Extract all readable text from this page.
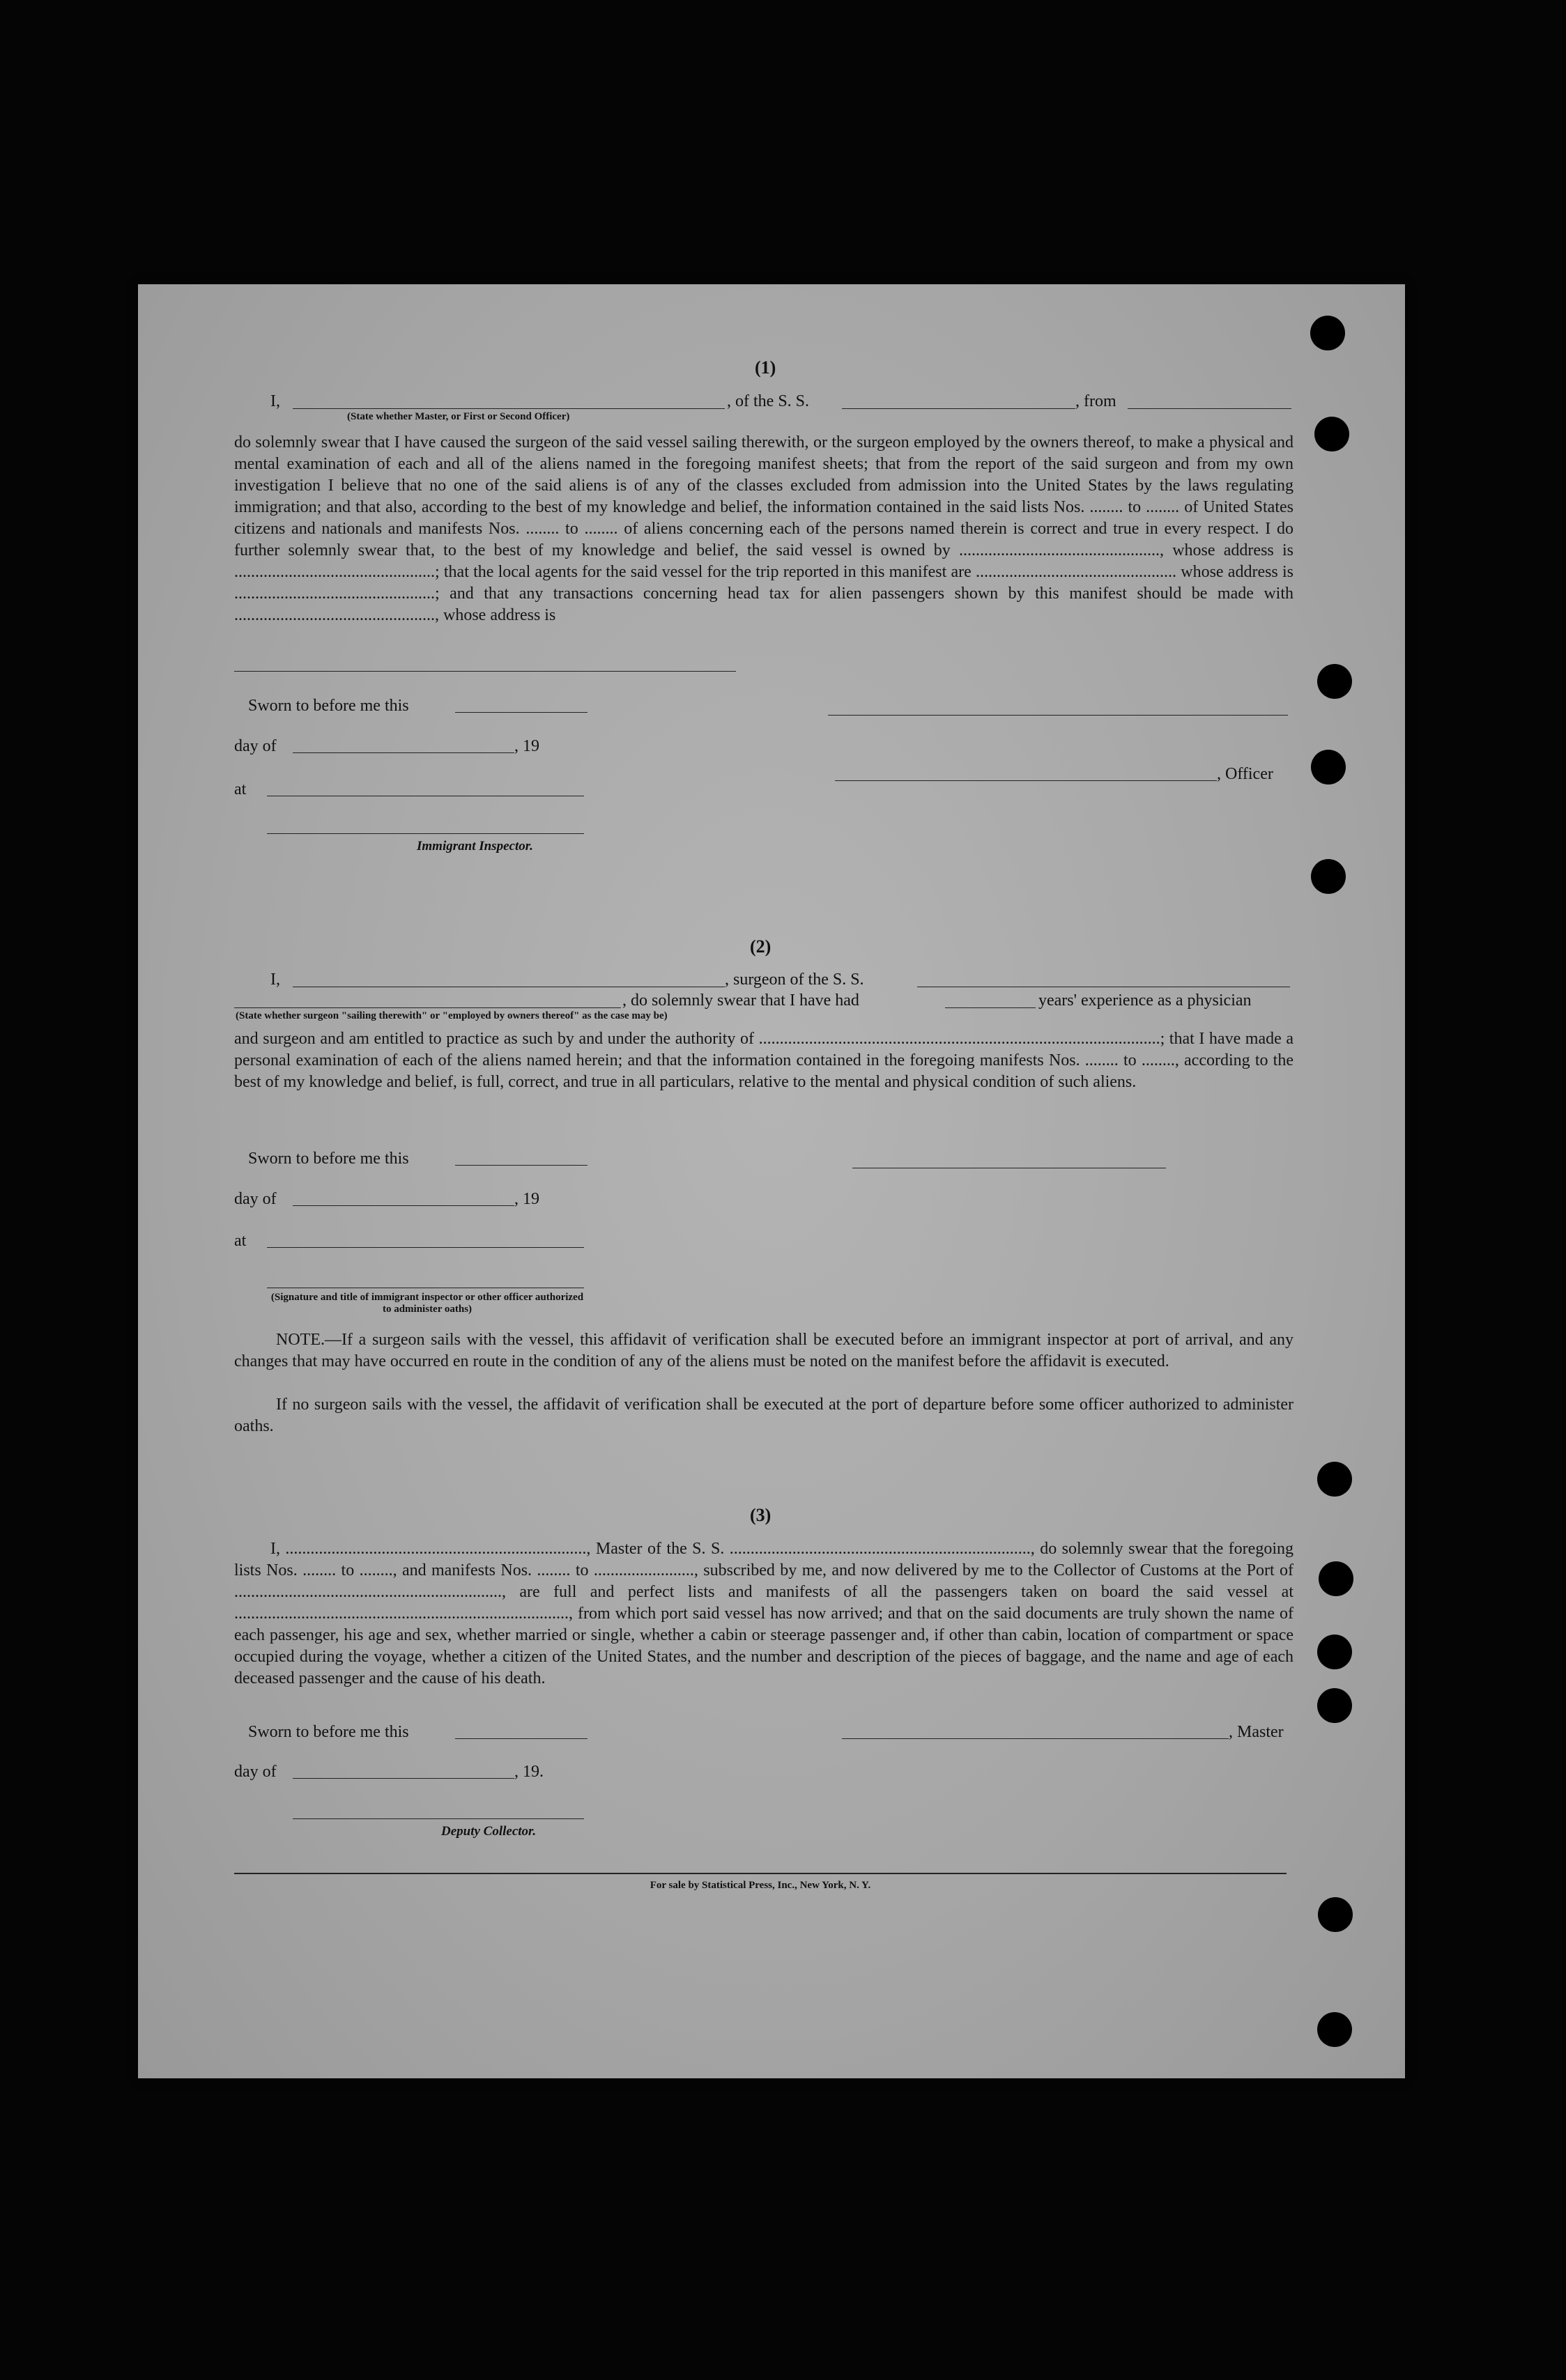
(1)
I,
(State whether Master, or First or Second Officer)
, of the S. S.	, from
do solemnly swear that I have caused the surgeon of the said vessel sailing therewith, or the surgeon employed by the owners thereof, to make a physical and mental examination of each and all of the aliens named in the foregoing manifest sheets; that from the report of the said surgeon and from my own investigation I believe that no one of the said aliens is of any of the classes excluded from admission into the United States by the laws regulating immigration; and that also, according to the best of my knowledge and belief, the information contained in the said lists Nos. ........ to ........ of United States citizens and nationals and manifests Nos. ........ to ........ of aliens concerning each of the persons named therein is correct and true in every respect. I do further solemnly swear that, to the best of my knowledge and belief, the said vessel is owned by ................................................, whose address is ................................................; that the local agents for the said vessel for the trip reported in this manifest are ................................................ whose address is ................................................; and that any transactions concerning head tax for alien passengers shown by this manifest should be made with ................................................, whose address is
Sworn to before me this
day of	, 19
at
, Officer
Immigrant Inspector.
(2)
I,	, surgeon of the S. S.
, do solemnly swear that I have had	years' experience as a physician
(State whether surgeon "sailing therewith" or "employed by owners thereof" as the case may be)
and surgeon and am entitled to practice as such by and under the authority of ................................................................................................; that I have made a personal examination of each of the aliens named herein; and that the information contained in the foregoing manifests Nos. ........ to ........, according to the best of my knowledge and belief, is full, correct, and true in all particulars, relative to the mental and physical condition of such aliens.
Sworn to before me this
day of	, 19
at
(Signature and title of immigrant inspector or other officer authorized to administer oaths)
NOTE.—If a surgeon sails with the vessel, this affidavit of verification shall be executed before an immigrant inspector at port of arrival, and any changes that may have occurred en route in the condition of any of the aliens must be noted on the manifest before the affidavit is executed.
If no surgeon sails with the vessel, the affidavit of verification shall be executed at the port of departure before some officer authorized to administer oaths.
(3)
I, ........................................................................, Master of the S. S. ........................................................................, do solemnly swear that the foregoing lists Nos. ........ to ........, and manifests Nos. ........ to ........................, subscribed by me, and now delivered by me to the Collector of Customs at the Port of ................................................................, are full and perfect lists and manifests of all the passengers taken on board the said vessel at ................................................................................, from which port said vessel has now arrived; and that on the said documents are truly shown the name of each passenger, his age and sex, whether married or single, whether a cabin or steerage passenger and, if other than cabin, location of compartment or space occupied during the voyage, whether a citizen of the United States, and the number and description of the pieces of baggage, and the name and age of each deceased passenger and the cause of his death.
Sworn to before me this	, Master
day of	, 19.
Deputy Collector.
For sale by Statistical Press, Inc., New York, N. Y.
